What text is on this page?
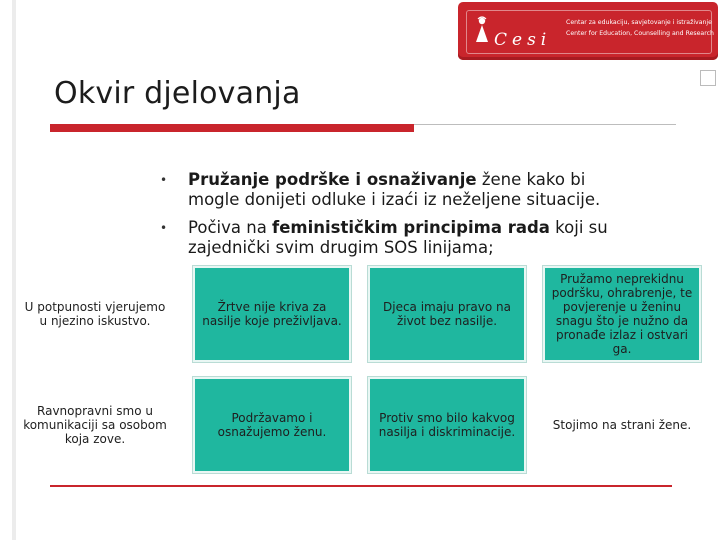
Cesi
Centar za edukaciju, savjetovanje i istraživanje
Center for Education, Counselling and Research
Okvir djelovanja
• Pružanje podrške i osnaživanje žene kako bi
mogle donijeti odluke i izaći iz neželjene situacije.
• Počiva na feminističkim principima rada koji su
zajednički svim drugim SOS linijama;
U potpunosti vjerujemo u njezino iskustvo.
Žrtve nije kriva za nasilje koje preživljava.
Djeca imaju pravo na život bez nasilje.
Pružamo neprekidnu podršku, ohrabrenje, te povjerenje u ženinu snagu što je nužno da pronađe izlaz i ostvari ga.
Ravnopravni smo u komunikaciji sa osobom koja zove.
Podržavamo i osnažujemo ženu.
Protiv smo bilo kakvog nasilja i diskriminacije.	Stojimo na strani žene.
